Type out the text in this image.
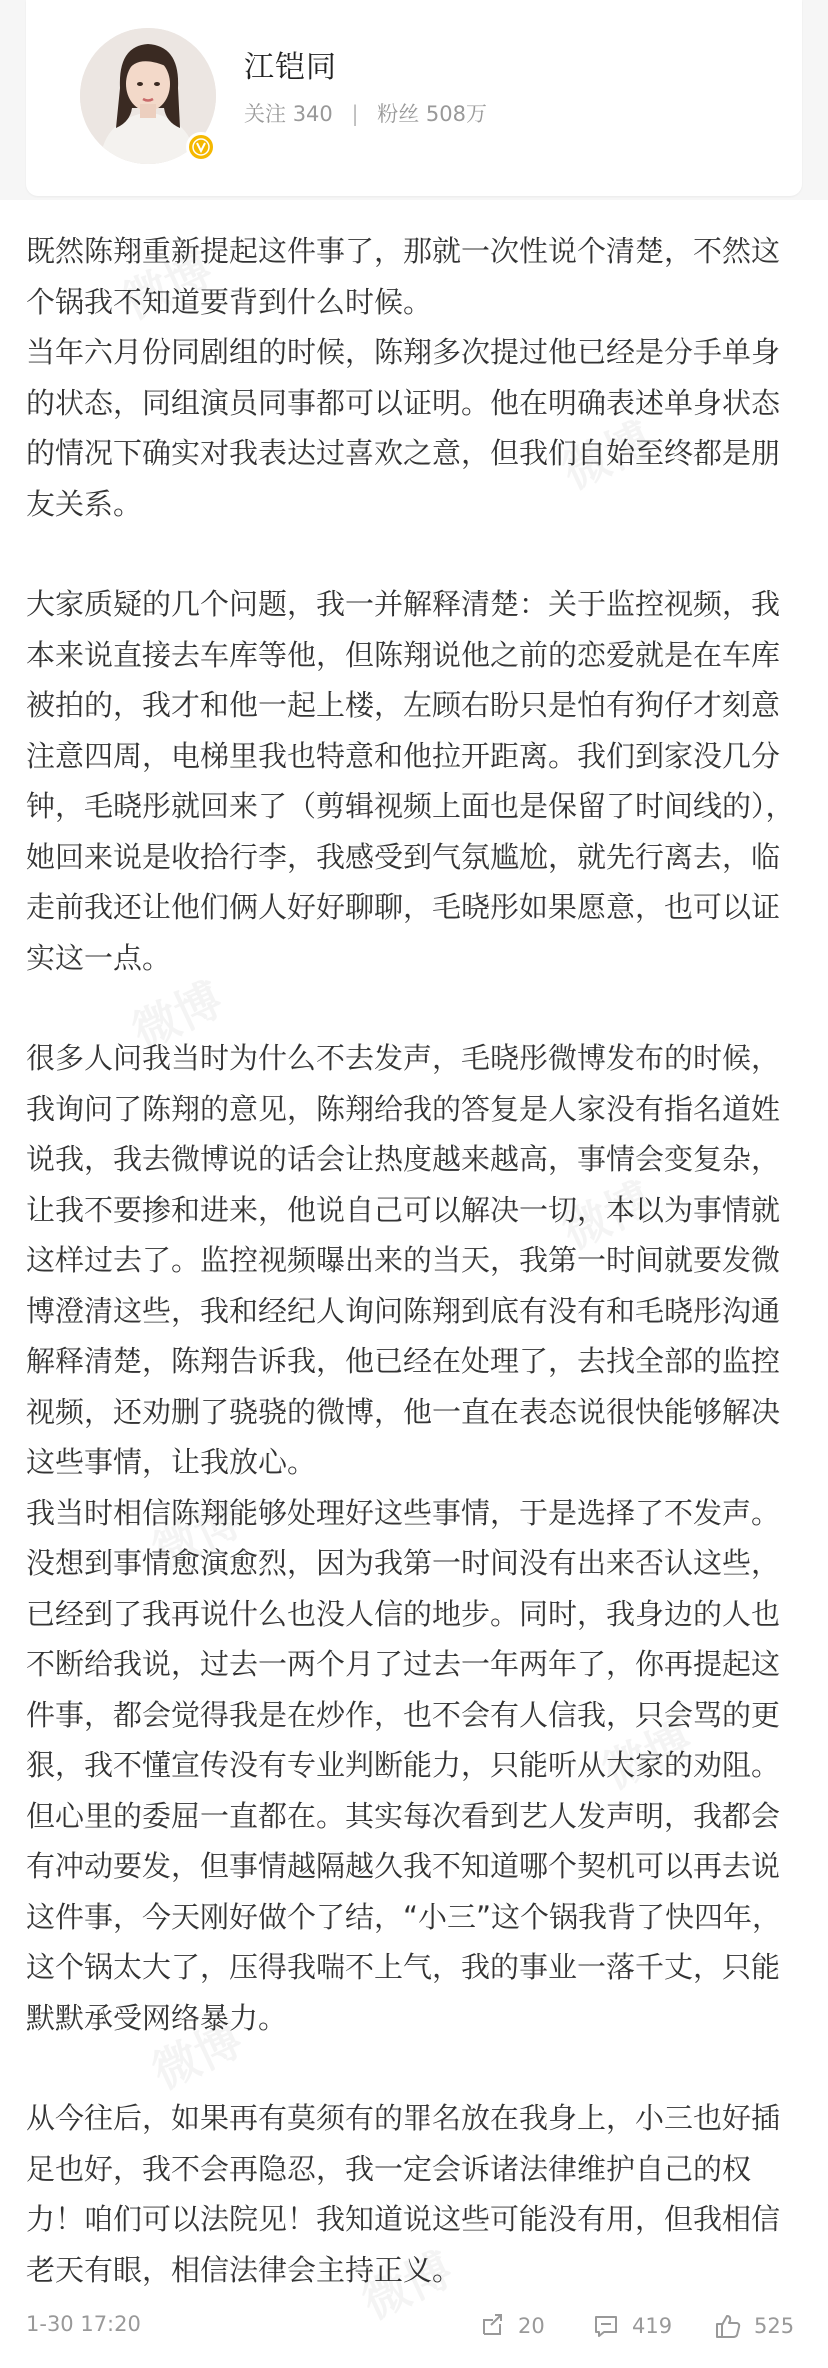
江铠同
关注 340 | 粉丝 508万

既然陈翔重新提起这件事了，那就一次性说个清楚，不然这个锅我不知道要背到什么时候。

当年六月份同剧组的时候，陈翔多次提过他已经是分手单身的状态，同组演员同事都可以证明。他在明确表述单身状态的情况下确实对我表达过喜欢之意，但我们自始至终都是朋友关系。

大家质疑的几个问题，我一并解释清楚：关于监控视频，我本来说直接去车库等他，但陈翔说他之前的恋爱就是在车库被拍的，我才和他一起上楼，左顾右盼只是怕有狗仔才刻意注意四周，电梯里我也特意和他拉开距离。我们到家没几分钟，毛晓彤就回来了（剪辑视频上面也是保留了时间线的），她回来说是收拾行李，我感受到气氛尴尬，就先行离去，临走前我还让他们俩人好好聊聊，毛晓彤如果愿意，也可以证实这一点。

很多人问我当时为什么不去发声，毛晓彤微博发布的时候，我询问了陈翔的意见，陈翔给我的答复是人家没有指名道姓说我，我去微博说的话会让热度越来越高，事情会变复杂，让我不要掺和进来，他说自己可以解决一切，本以为事情就这样过去了。监控视频曝出来的当天，我第一时间就要发微博澄清这些，我和经纪人询问陈翔到底有没有和毛晓彤沟通解释清楚，陈翔告诉我，他已经在处理了，去找全部的监控视频，还劝删了骁骁的微博，他一直在表态说很快能够解决这些事情，让我放心。

我当时相信陈翔能够处理好这些事情，于是选择了不发声。没想到事情愈演愈烈，因为我第一时间没有出来否认这些，已经到了我再说什么也没人信的地步。同时，我身边的人也不断给我说，过去一两个月了过去一年两年了，你再提起这件事，都会觉得我是在炒作，也不会有人信我，只会骂的更狠，我不懂宣传没有专业判断能力，只能听从大家的劝阻。但心里的委屈一直都在。其实每次看到艺人发声明，我都会有冲动要发，但事情越隔越久我不知道哪个契机可以再去说这件事，今天刚好做个了结，“小三”这个锅我背了快四年，这个锅太大了，压得我喘不上气，我的事业一落千丈，只能默默承受网络暴力。

从今往后，如果再有莫须有的罪名放在我身上，小三也好插足也好，我不会再隐忍，我一定会诉诸法律维护自己的权力！咱们可以法院见！我知道说这些可能没有用，但我相信老天有眼，相信法律会主持正义。

1-30 17:20	20	419	525
